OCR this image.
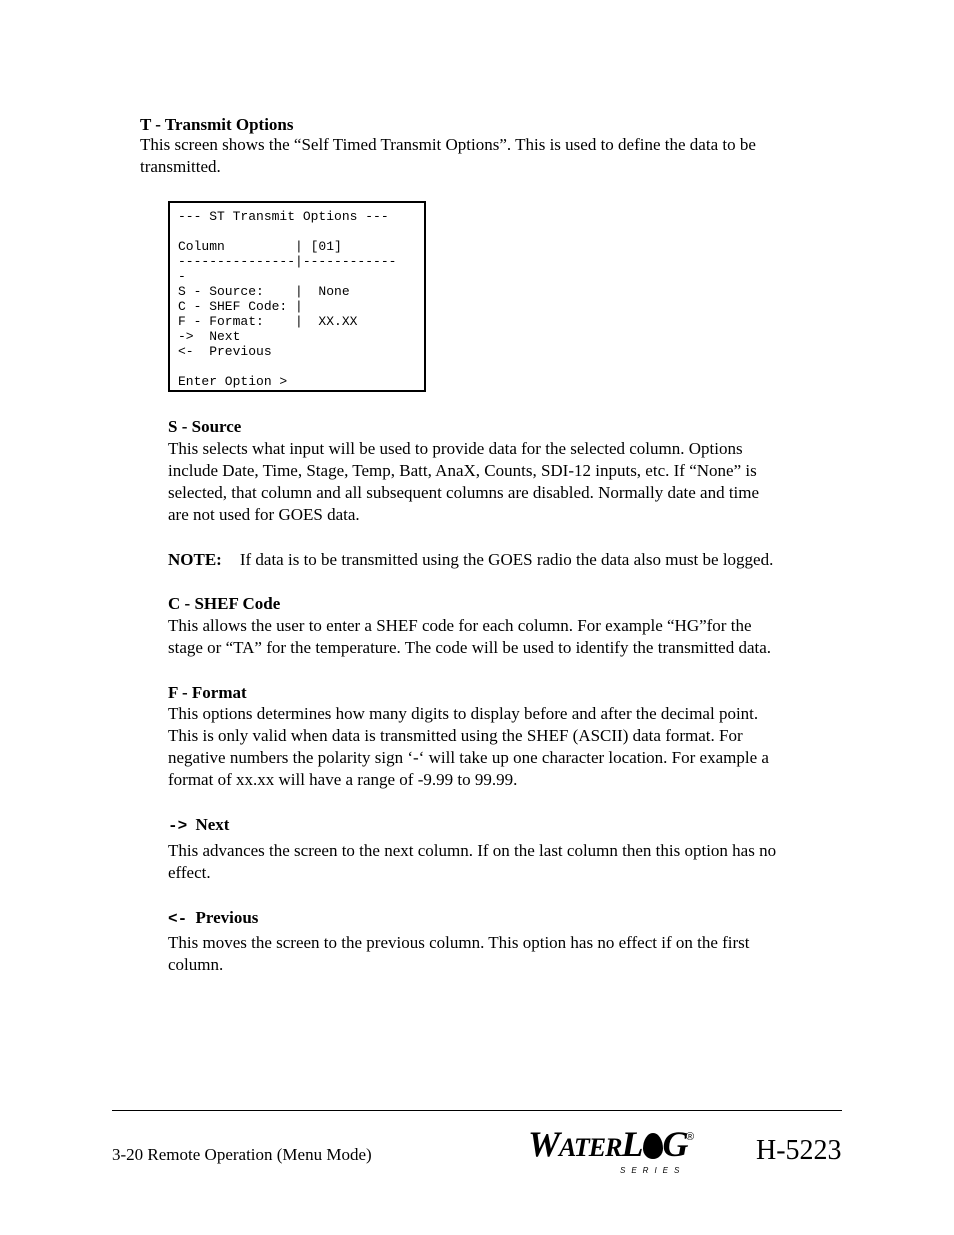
T - Transmit Options
This screen shows the “Self Timed Transmit Options”. This is used to define the data to be
transmitted.
--- ST Transmit Options ---
Column         | [01]
---------------|------------
-
S - Source:    |  None
C - SHEF Code: |
F - Format:    |  XX.XX
->  Next
<-  Previous
Enter Option >
S - Source
This selects what input will be used to provide data for the selected column. Options
include Date, Time, Stage, Temp, Batt, AnaX, Counts, SDI-12 inputs, etc. If “None” is
selected, that column and all subsequent columns are disabled. Normally date and time
are not used for GOES data.
NOTE: If data is to be transmitted using the GOES radio the data also must be logged.
C - SHEF Code
This allows the user to enter a SHEF code for each column. For example “HG”for the
stage or “TA” for the temperature. The code will be used to identify the transmitted data.
F - Format
This options determines how many digits to display before and after the decimal point.
This is only valid when data is transmitted using the SHEF (ASCII) data format. For
negative numbers the polarity sign ‘-‘ will take up one character location. For example a
format of xx.xx will have a range of -9.99 to 99.99.
-> Next
This advances the screen to the next column. If on the last column then this option has no
effect.
<- Previous
This moves the screen to the previous column. This option has no effect if on the first
column.
3-20 Remote Operation (Menu Mode)	WATERL G
SERIES
® H-5223
